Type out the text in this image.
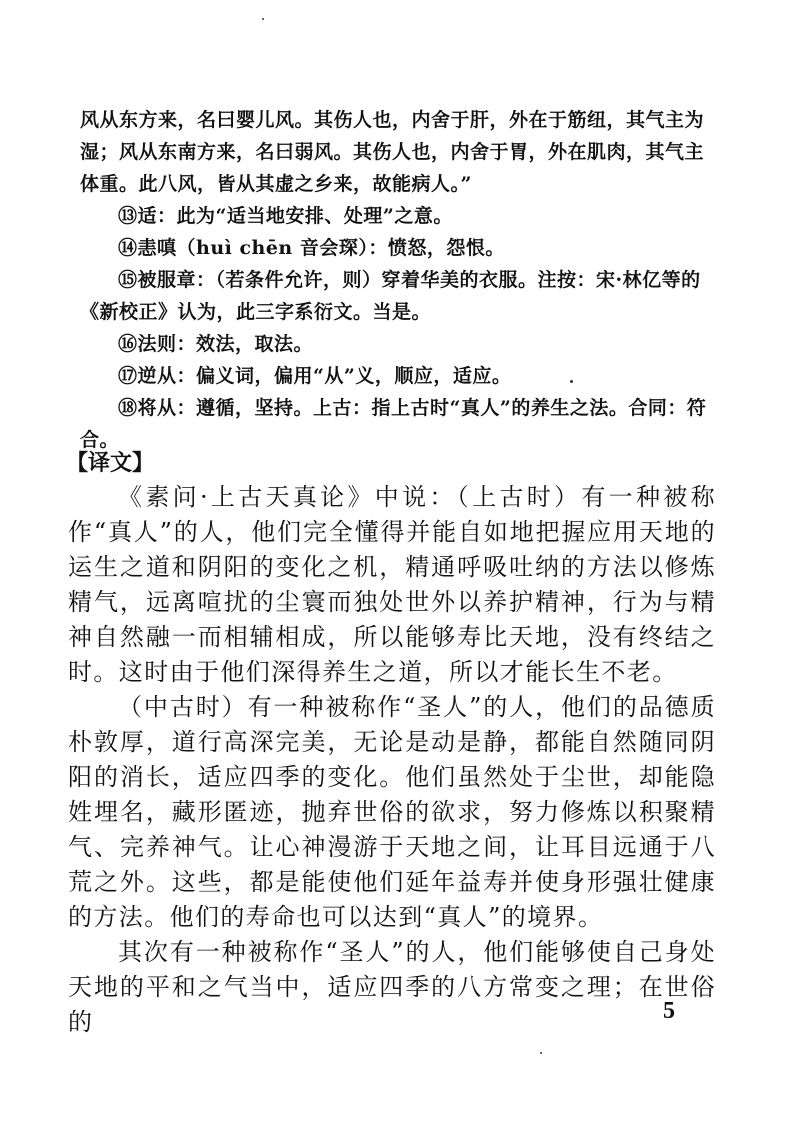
风从东方来，名曰婴儿风。其伤人也，内舍于肝，外在于筋纽，其气主为湿；风从东南方来，名曰弱风。其伤人也，内舍于胃，外在肌肉，其气主体重。此八风，皆从其虚之乡来，故能病人。”

⑬适：此为“适当地安排、处理”之意。

⑭恚嗔（huì chēn 音会琛）：愤怒，怨恨。

⑮被服章：（若条件允许，则）穿着华美的衣服。注按：宋·林亿等的《新校正》认为，此三字系衍文。当是。

⑯法则：效法，取法。

⑰逆从：偏义词，偏用“从”义，顺应，适应。

⑱将从：遵循，坚持。上古：指上古时“真人”的养生之法。合同：符合。

【译文】

《素问·上古天真论》中说：（上古时）有一种被称作“真人”的人，他们完全懂得并能自如地把握应用天地的运生之道和阴阳的变化之机，精通呼吸吐纳的方法以修炼精气，远离喧扰的尘寰而独处世外以养护精神，行为与精神自然融一而相辅相成，所以能够寿比天地，没有终结之时。这时由于他们深得养生之道，所以才能长生不老。

（中古时）有一种被称作“圣人”的人，他们的品德质朴敦厚，道行高深完美，无论是动是静，都能自然随同阴阳的消长，适应四季的变化。他们虽然处于尘世，却能隐姓埋名，藏形匿迹，抛弃世俗的欲求，努力修炼以积聚精气、完养神气。让心神漫游于天地之间，让耳目远通于八荒之外。这些，都是能使他们延年益寿并使身形强壮健康的方法。他们的寿命也可以达到“真人”的境界。

其次有一种被称作“圣人”的人，他们能够使自己身处天地的平和之气当中，适应四季的八方常变之理；在世俗的	5
